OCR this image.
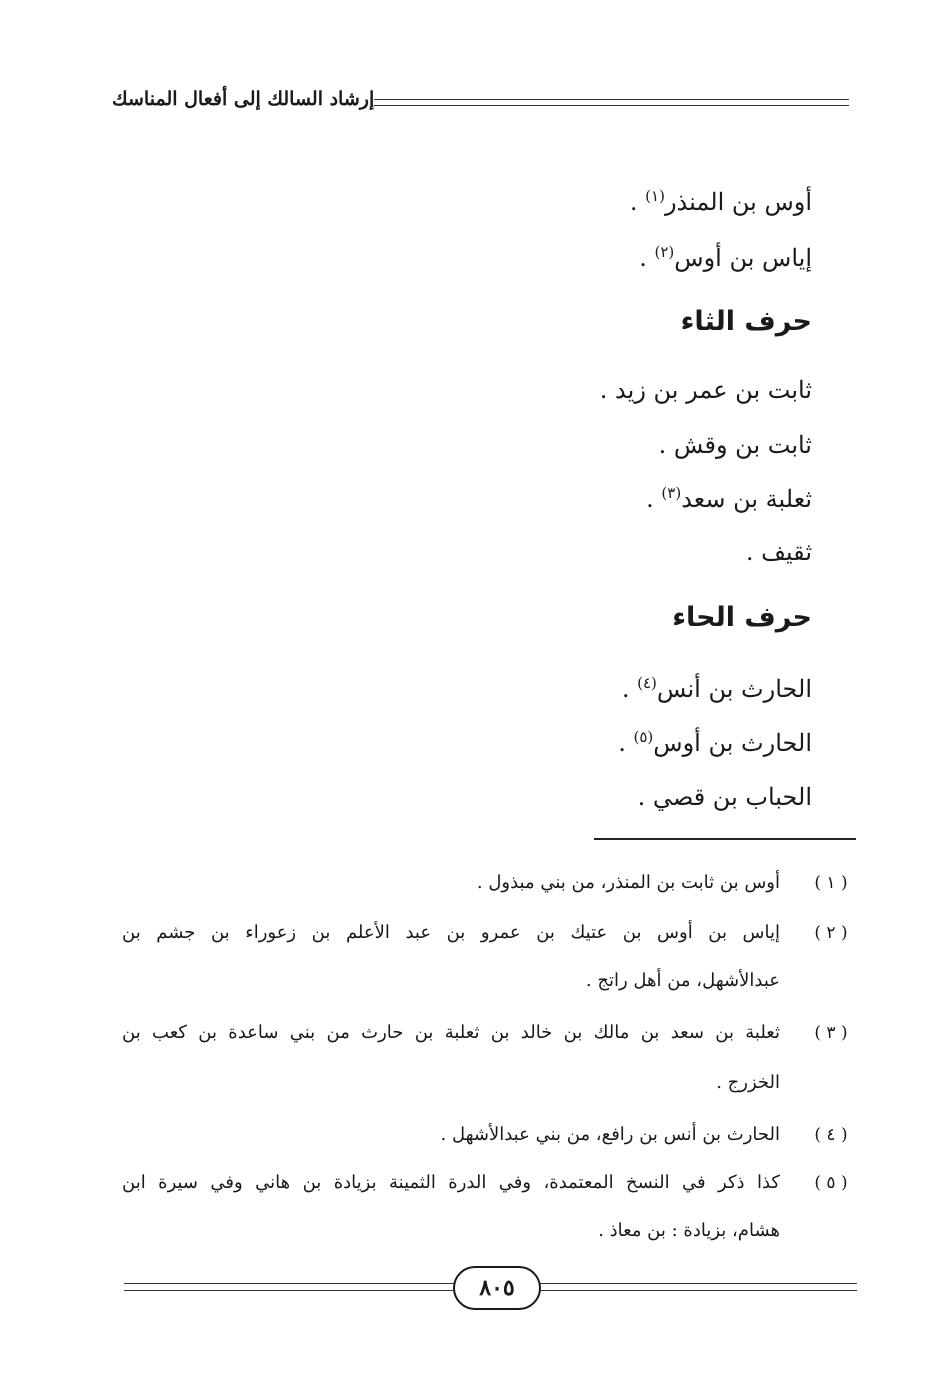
إرشاد السالك إلى أفعال المناسك
أوس بن المنذر$^{(١)}$ .
إياس بن أوس$^{(٢)}$ .
حرف الثاء
ثابت بن عمر بن زيد .
ثابت بن وقش .
ثعلبة بن سعد$^{(٣)}$ .
ثقيف .
حرف الحاء
الحارث بن أنس$^{(٤)}$ .
الحارث بن أوس$^{(٥)}$ .
الحباب بن قصي .
( ١ )
أوس بن ثابت بن المنذر، من بني مبذول .
( ٢ )
إياس بن أوس بن عتيك بن عمرو بن عبد الأعلم بن زعوراء بن جشم بن
عبدالأشهل، من أهل راتج .
( ٣ )
ثعلبة بن سعد بن مالك بن خالد بن ثعلبة بن حارث من بني ساعدة بن كعب بن
الخزرج .
( ٤ )
الحارث بن أنس بن رافع، من بني عبدالأشهل .
( ٥ )
كذا ذكر في النسخ المعتمدة، وفي الدرة الثمينة بزيادة بن هاني وفي سيرة ابن
هشام، بزيادة : بن معاذ .
٨٠٥
